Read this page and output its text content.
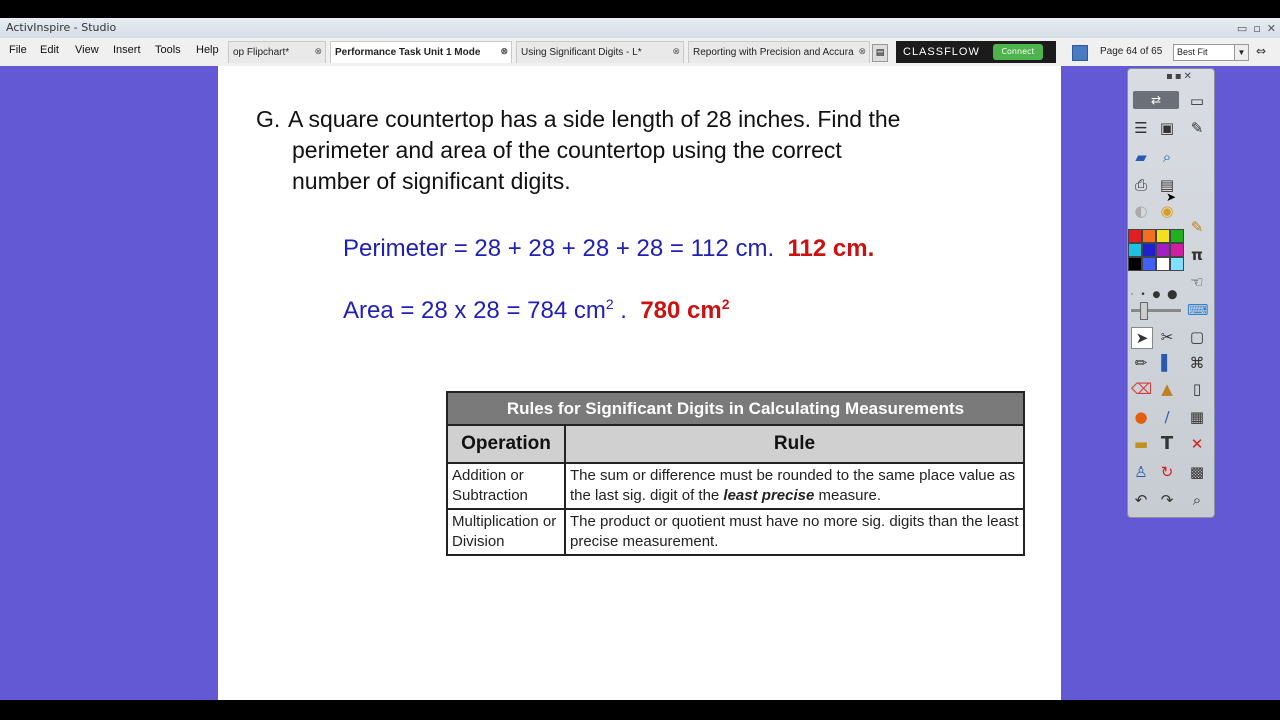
ActivInspire - Studio	▭ ▫ ✕
File Edit View Insert Tools Help	op Flipchart*	⊗	Performance Task Unit 1 Mode ⊗	Using Significant Digits - L*	⊗	Reporting with Precision and Accura ⊗	▤	CLASSFLOW	Connect	Page 64 of 65	Best Fit	▼ ⇔
G. A square countertop has a side length of 28 inches. Find the
perimeter and area of the countertop using the correct
number of significant digits.
Perimeter = 28 + 28 + 28 + 28 = 112 cm. 112 cm.
Area = 28 x 28 = 784 $cm^2$ . 780 $cm^2$
Rules for Significant Digits in Calculating Measurements	
Operation	Rule
Addition or Subtraction	The sum or difference must be rounded to the same place value as the last sig. digit of the least precise measure.
Multiplication or Division	The product or quotient must have no more sig. digits than the least precise measurement.
▪▪✕
⇄	▭
☰ ▣ ✎
▰	⌕
⎙ ▤
➤
◐ ◉
✎
π
☜
· • ● ⬤
⌨
➤ ✂ ▢
✏ ▌ ⌘
⌫ ▲	▯
●	∕	▦
▬ T ✕
♙ ↻ ▩
↶ ↷	⌕
